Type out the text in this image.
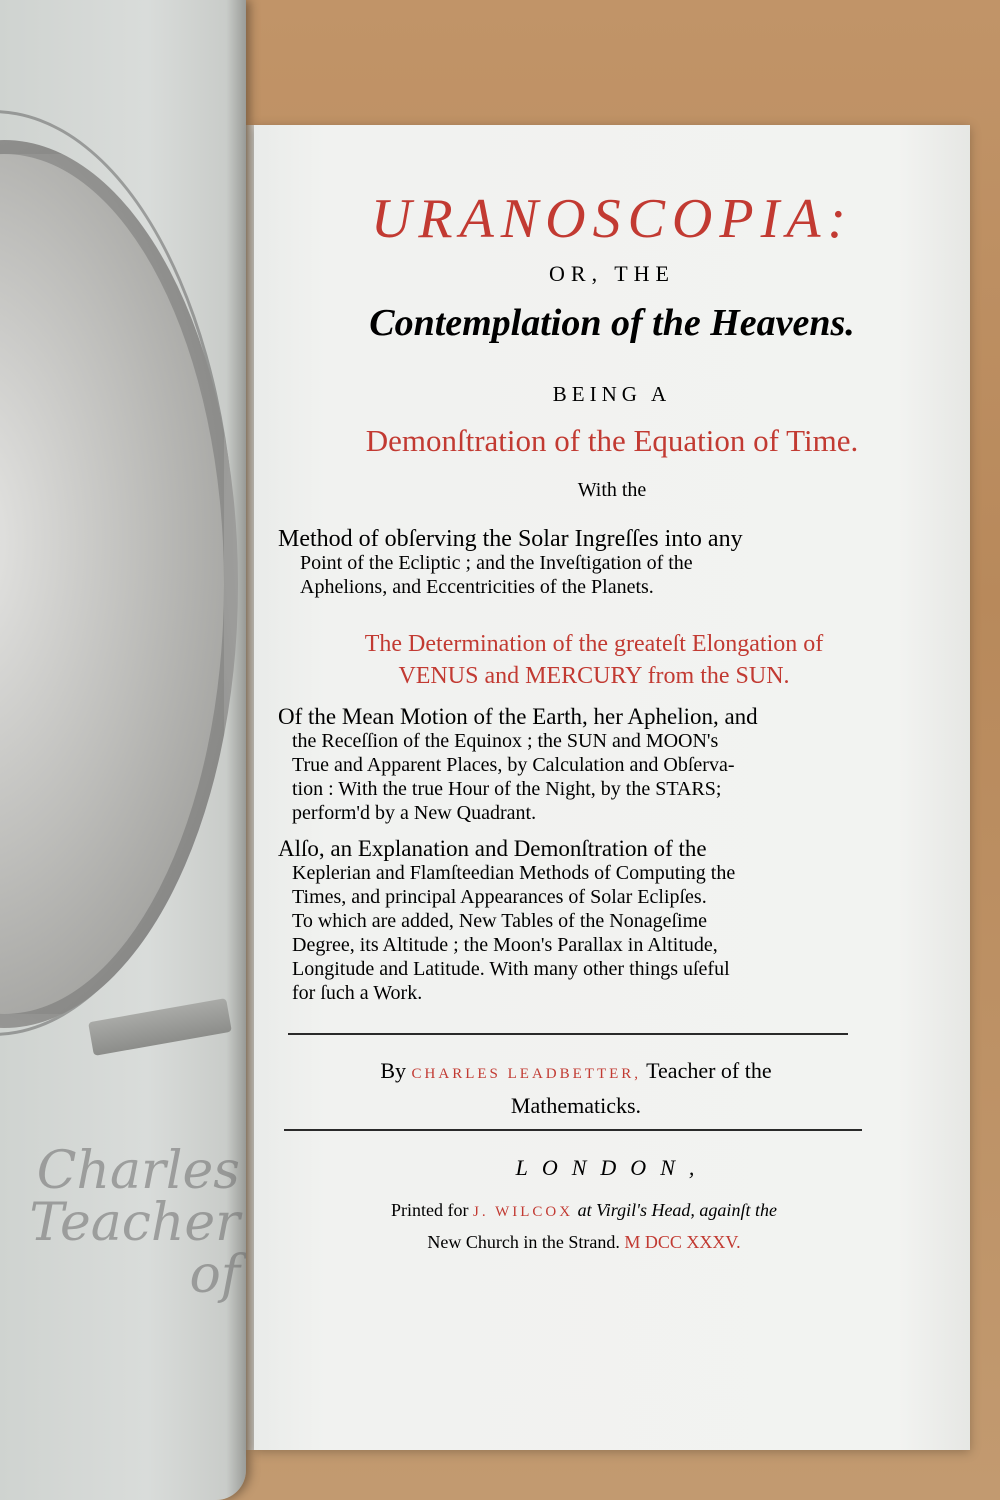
Charles
Teacher of
URANOSCOPIA:
OR, THE
Contemplation of the Heavens.
BEING A
Demonſtration of the Equation of Time.
With the
Method of obſerving the Solar Ingreſſes into any
Point of the Ecliptic ; and the Inveſtigation of the
Aphelions, and Eccentricities of the Planets.
The Determination of the greateſt Elongation of
VENUS and MERCURY from the SUN.
Of the Mean Motion of the Earth, her Aphelion, and
the Receſſion of the Equinox ; the SUN and MOON's
True and Apparent Places, by Calculation and Obſerva-
tion : With the true Hour of the Night, by the STARS;
perform'd by a New Quadrant.
Alſo, an Explanation and Demonſtration of the
Keplerian and Flamſteedian Methods of Computing the
Times, and principal Appearances of Solar Eclipſes.
To which are added, New Tables of the Nonageſime
Degree, its Altitude ; the Moon's Parallax in Altitude,
Longitude and Latitude. With many other things uſeful
for ſuch a Work.
By CHARLES LEADBETTER, Teacher of the
Mathematicks.
LONDON,
Printed for J. WILCOX at Virgil's Head, againſt the
New Church in the Strand. M DCC XXXV.
